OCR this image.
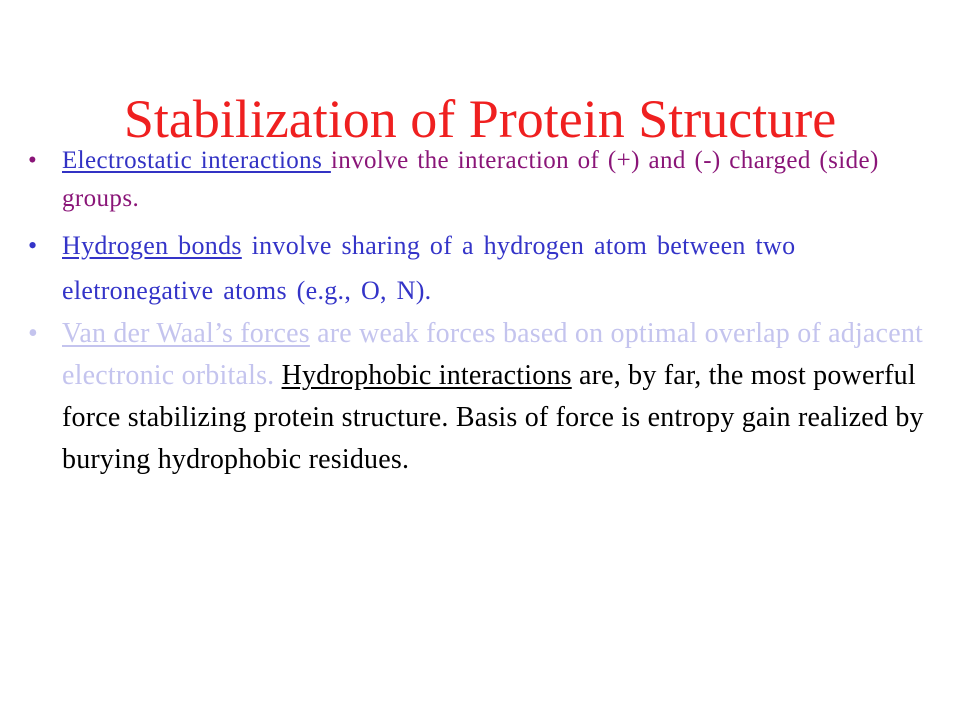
Stabilization of Protein Structure
• Electrostatic interactions involve the interaction of (+) and (-) charged (side) groups.
• Hydrogen bonds involve sharing of a hydrogen atom between two eletronegative atoms (e.g., O, N).
• Van der Waal’s forces are weak forces based on optimal overlap of adjacent electronic orbitals. Hydrophobic interactions are, by far, the most powerful force stabilizing protein structure. Basis of force is entropy gain realized by burying hydrophobic residues.
